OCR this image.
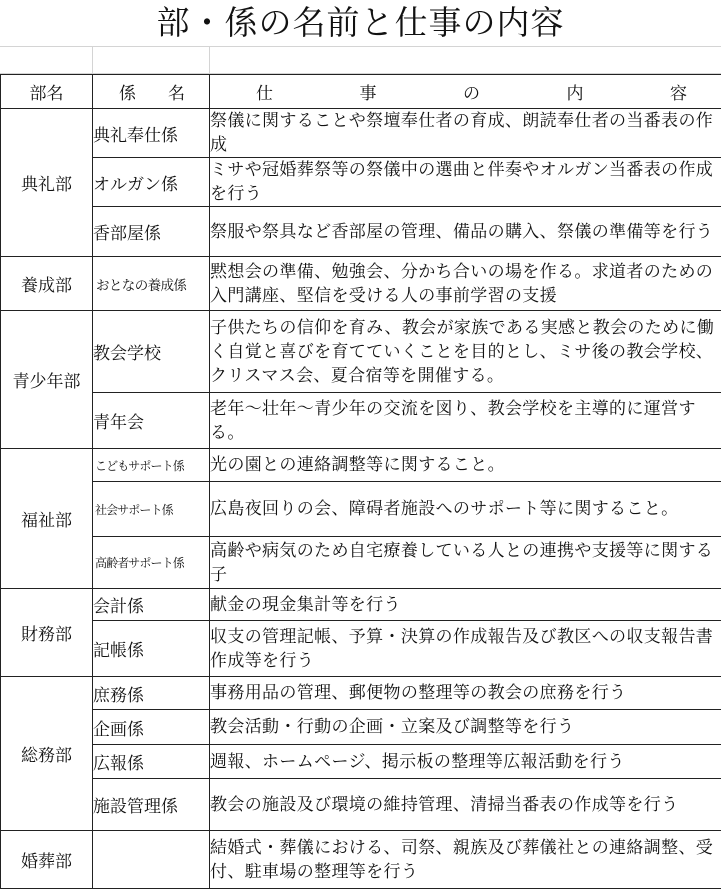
部・係の名前と仕事の内容
部名	係 名	仕 事 の 内 容

典礼部	典礼奉仕係	祭儀に関することや祭壇奉仕者の育成、朗読奉仕者の当番表の作成
	オルガン係	ミサや冠婚葬祭等の祭儀中の選曲と伴奏やオルガン当番表の作成を行う
	香部屋係	祭服や祭具など香部屋の管理、備品の購入、祭儀の準備等を行う
養成部	おとなの養成係	黙想会の準備、勉強会、分かち合いの場を作る。求道者のための入門講座、堅信を受ける人の事前学習の支援
青少年部	教会学校	子供たちの信仰を育み、教会が家族である実感と教会のために働く自覚と喜びを育てていくことを目的とし、ミサ後の教会学校、クリスマス会、夏合宿等を開催する。
	青年会	老年～壮年～青少年の交流を図り、教会学校を主導的に運営する。
福祉部	こどもサポート係	光の園との連絡調整等に関すること。
	社会サポート係	広島夜回りの会、障碍者施設へのサポート等に関すること。
	高齢者サポート係	高齢や病気のため自宅療養している人との連携や支援等に関する子
財務部	会計係	献金の現金集計等を行う
	記帳係	収支の管理記帳、予算・決算の作成報告及び教区への収支報告書作成等を行う
総務部	庶務係	事務用品の管理、郵便物の整理等の教会の庶務を行う
	企画係	教会活動・行動の企画・立案及び調整等を行う
	広報係	週報、ホームページ、掲示板の整理等広報活動を行う
	施設管理係	教会の施設及び環境の維持管理、清掃当番表の作成等を行う
婚葬部		結婚式・葬儀における、司祭、親族及び葬儀社との連絡調整、受付、駐車場の整理等を行う
